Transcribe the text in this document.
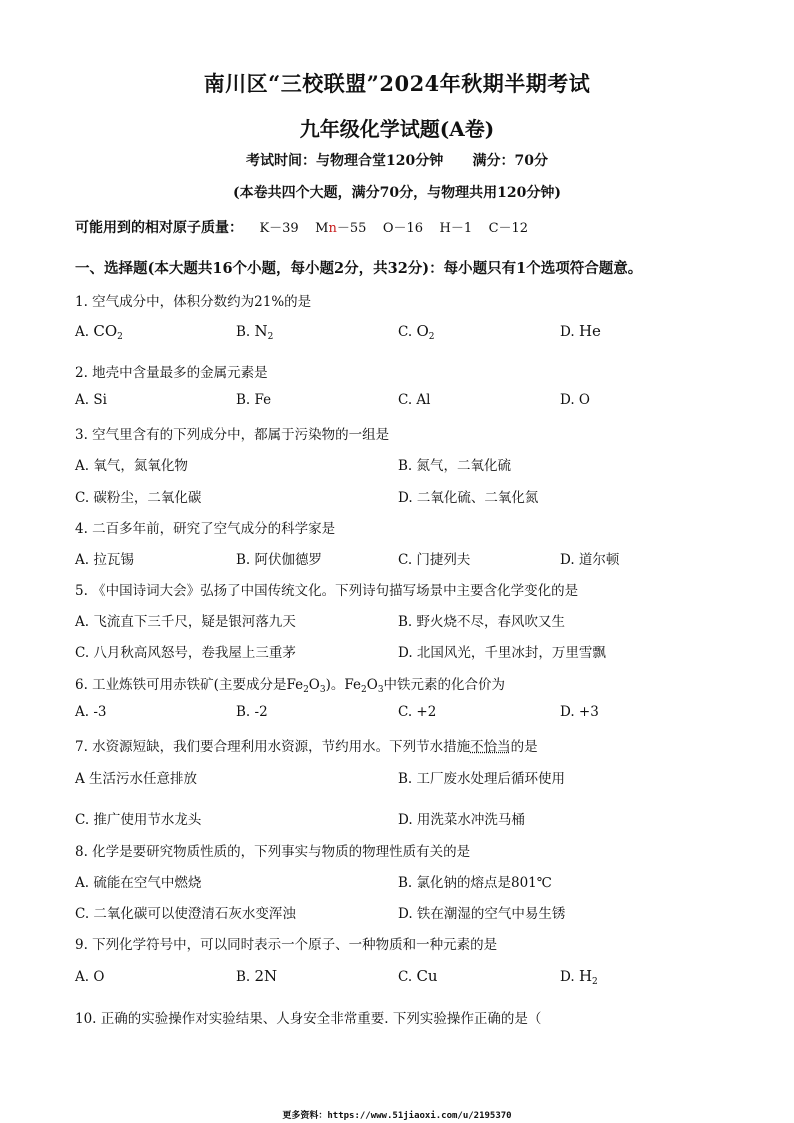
南川区“三校联盟”2024年秋期半期考试
九年级化学试题(A卷)
考试时间：与物理合堂120分钟      满分：70分
(本卷共四个大题，满分70分，与物理共用120分钟)
可能用到的相对原子质量： K－39 Mn－55 O－16 H－1 C－12
一、选择题(本大题共16个小题，每小题2分，共32分)：每小题只有1个选项符合题意。
1. 空气成分中，体积分数约为21%的是
A. $CO_2$	B. $N_2$	C. $O_2$	D. He
2. 地壳中含量最多的金属元素是
A. Si	B. Fe	C. Al	D. O
3. 空气里含有的下列成分中，都属于污染物的一组是
A. 氧气，氮氧化物	B. 氮气，二氧化硫
C. 碳粉尘，二氧化碳	D. 二氧化硫、二氧化氮
4. 二百多年前，研究了空气成分的科学家是
A. 拉瓦锡	B. 阿伏伽德罗	C. 门捷列夫	D. 道尔顿
5. 《中国诗词大会》弘扬了中国传统文化。下列诗句描写场景中主要含化学变化的是
A. 飞流直下三千尺，疑是银河落九天	B. 野火烧不尽，春风吹又生
C. 八月秋高风怒号，卷我屋上三重茅	D. 北国风光，千里冰封，万里雪飘
6. 工业炼铁可用赤铁矿(主要成分是$Fe_2O_3$)。$Fe_2O_3$中铁元素的化合价为
A. -3	B. -2	C. +2	D. +3
7. 水资源短缺，我们要合理利用水资源，节约用水。下列节水措施不恰当的是
A 生活污水任意排放	B. 工厂废水处理后循环使用
C. 推广使用节水龙头	D. 用洗菜水冲洗马桶
8. 化学是要研究物质性质的，下列事实与物质的物理性质有关的是
A. 硫能在空气中燃烧	B. 氯化钠的熔点是801℃
C. 二氧化碳可以使澄清石灰水变浑浊	D. 铁在潮湿的空气中易生锈
9. 下列化学符号中，可以同时表示一个原子、一种物质和一种元素的是
A. O	B. 2N	C. Cu	D. $H_2$
10. 正确的实验操作对实验结果、人身安全非常重要. 下列实验操作正确的是（
更多资料：https://www.51jiaoxi.com/u/2195370
